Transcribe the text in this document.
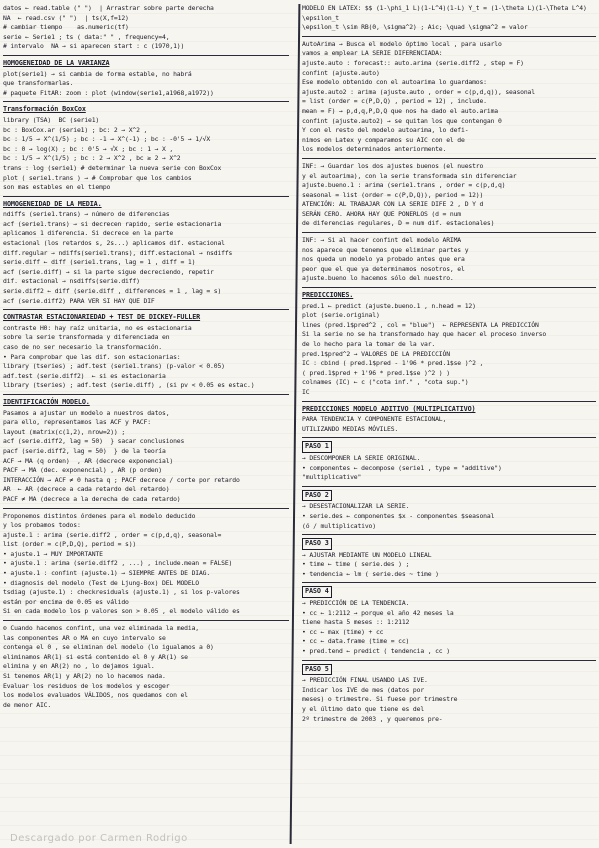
datos ← read.table (" ")  | Arrastrar sobre parte derecha
NA  ← read.csv (" ")  | ts(X,f=12)
# cambiar tiempo    as.numeric(tf)
serie ← Serie1 ; ts ( data:" " , frequency=4,
# intervalo  NA → si aparecen start : c (1970,1))
HOMOGENEIDAD DE LA VARIANZA
plot(serie1) → si cambia de forma estable, no habrá
que transformarlas.
# paquete FitAR: zoom : plot (window(serie1,a1968,a1972))
Transformación BoxCox
library (TSA)  BC (serie1)
bc : BoxCox.ar (serie1) ; bc: 2 → X^2 ,
bc : 1/5 → X^(1/5) ; bc : -1 → X^(-1) ; bc : -0'5 → 1/√X
bc : 0 → log(X) ; bc : 0'5 → √X ; bc : 1 → X ,
bc : 1/5 → X^(1/5) ; bc : 2 → X^2 , bc ≥ 2 → X^2
trans : log (serie1) # determinar la nueva serie con BoxCox
plot ( serie1.trans ) → # Comprobar que los cambios
son mas estables en el tiempo
HOMOGENEIDAD DE LA MEDIA.
ndiffs (serie1.trans) → número de diferencias
acf (serie1.trans) → si decrecen rapido, serie estacionaria
aplicamos 1 diferencia. Si decrece en la parte
estacional (los retardos s, 2s...) aplicamos dif. estacional
diff.regular → ndiffs(serie1.trans), diff.estacional → nsdiffs
serie.diff ← diff (serie1.trans, lag = 1 , diff = 1)
acf (serie.diff) → si la parte sigue decreciendo, repetir
dif. estacional → nsdiffs(serie.diff)
serie.diff2 ← diff (serie.diff , differences = 1 , lag = s)
acf (serie.diff2) PARA VER SI HAY QUE DIF
CONTRASTAR ESTACIONARIEDAD + TEST DE DICKEY-FULLER
contraste H0: hay raíz unitaria, no es estacionaria
sobre la serie transformada y diferenciada en
caso de no ser necesario la transformación.
• Para comprobar que las dif. son estacionarias:
library (tseries) ; adf.test (serie1.trans) (p-valor < 0.05)
adf.test (serie.diff2)  ← si es estacionaria
library (tseries) ; adf.test (serie.diff) , (si pv < 0.05 es estac.)
IDENTIFICACIÓN MODELO.
Pasamos a ajustar un modelo a nuestros datos,
para ello, representamos las ACF y PACF:
layout (matrix(c(1,2), nrow=2)) ;
acf (serie.diff2, lag = 50)  } sacar conclusiones
pacf (serie.diff2, lag = 50)  } de la teoría
ACF → MA (q orden)  , AR (decrece exponencial)
PACF → MA (dec. exponencial) , AR (p orden)
INTERACCIÓN → ACF ≠ 0 hasta q ; PACF decrece / corte por retardo
AR  ← AR (decrece a cada retardo del retardo)
PACF ≠ MA (decrece a la derecha de cada retardo)
Proponemos distintos órdenes para el modelo deducido
y los probamos todos:
ajuste.1 : arima (serie.diff2 , order = c(p,d,q), seasonal=
list (order = c(P,D,Q), period = s))
• ajuste.1 → MUY IMPORTANTE
• ajuste.1 : arima (serie.diff2 , ...) , include.mean = FALSE)
• ajuste.1 : confint (ajuste.1) → SIEMPRE ANTES DE DIAG.
• diagnosis del modelo (Test de Ljung-Box) DEL MODELO
tsdiag (ajuste.1) : checkresiduals (ajuste.1) , si los p-valores
están por encima de 0.05 es válido
Si en cada modelo los p valores son > 0.05 , el modelo válido es
⊙ Cuando hacemos confint, una vez eliminada la media,
las componentes AR o MA en cuyo intervalo se
contenga el 0 , se eliminan del modelo (lo igualamos a 0)
eliminamos AR(1) si está contenido el 0 y AR(1) se
elimina y en AR(2) no , lo dejamos igual.
Si tenemos AR(1) y AR(2) no lo hacemos nada.
Evaluar los residuos de los modelos y escoger
los modelos evaluados VÁLIDOS, nos quedamos con el
de menor AIC.
MODELO EN LATEX: $$ (1-\phi_1 L)(1-L^4)(1-L) Y_t = (1-\theta L)(1-\Theta L^4) \epsilon_t
\epsilon_t \sim RB(0, \sigma^2) ; Aic; \quad \sigma^2 = valor
AutoArima → Busca el modelo óptimo local , para usarlo
vamos a emplear LA SERIE DIFERENCIADA:
ajuste.auto : forecast:: auto.arima (serie.diff2 , step = F)
confint (ajuste.auto)
Ese modelo obtenido con el autoarima lo guardamos:
ajuste.auto2 : arima (ajuste.auto , order = c(p,d,q)), seasonal
= list (order = c(P,D,Q) , period = 12) , include.
mean = F) → p,d,q,P,D,Q que nos ha dado el auto.arima
confint (ajuste.auto2) → se quitan los que contengan 0
Y con el resto del modelo autoarima, lo defi-
nimos en Latex y comparamos su AIC con el de
los modelos determinados anteriormente.
INF: → Guardar los dos ajustes buenos (el nuestro
y el autoarima), con la serie transformada sin diferenciar
ajuste.bueno.1 : arima (serie1.trans , order = c(p,d,q)
seasonal = list (order = c(P,D,Q)), period = 12))
ATENCIÓN: AL TRABAJAR CON LA SERIE DIFE 2 , D Y d
SERÁN CERO. AHORA HAY QUE PONERLOS (d = num
de diferencias regulares, D = num dif. estacionales)
INF: → Si al hacer confint del modelo ARIMA
nos aparece que tenemos que eliminar partes y
nos queda un modelo ya probado antes que era
peor que el que ya determinamos nosotros, el
ajuste.bueno lo hacemos sólo del nuestro.
PREDICCIONES.
pred.1 ← predict (ajuste.bueno.1 , n.head = 12)
plot (serie.original)
lines (pred.1$pred^2 , col = "blue")  ← REPRESENTA LA PREDICCIÓN
Si la serie no se ha transformado hay que hacer el proceso inverso
de lo hecho para la tomar de la var.
pred.1$pred^2 → VALORES DE LA PREDICCIÓN
IC : cbind ( pred.1$pred - 1'96 * pred.1$se )^2 ,
( pred.1$pred + 1'96 * pred.1$se )^2 ) )
colnames (IC) ← c ("cota inf." , "cota sup.")
IC
PREDICCIONES MODELO ADITIVO (MULTIPLICATIVO)
PARA TENDENCIA Y COMPONENTE ESTACIONAL,
UTILIZANDO MEDIAS MÓVILES.
PASO 1
→ DESCOMPONER LA SERIE ORIGINAL.
• componentes ← decompose (serie1 , type = "additive")
"multiplicative"
PASO 2
→ DESESTACIONALIZAR LA SERIE.
• serie.des ← componentes $x - componentes $seasonal
(ó / multiplicativo)
PASO 3
→ AJUSTAR MEDIANTE UN MODELO LINEAL
• time ← time ( serie.des ) ;
• tendencia ← lm ( serie.des ~ time )
PASO 4
→ PREDICCIÓN DE LA TENDENCIA.
• cc ← 1:2112 → porque el año 42 meses la
tiene hasta 5 meses :: 1:2112
• cc ← max (time) + cc
• cc ← data.frame (time = cc)
• pred.tend ← predict ( tendencia , cc )
PASO 5
→ PREDICCIÓN FINAL USANDO LAS IVE.
Indicar los IVE de mes (datos por
meses) o trimestre. Si fuese por trimestre
y el último dato que tiene es del
2º trimestre de 2003 , y queremos pre-
Descargado por Carmen Rodrigo
